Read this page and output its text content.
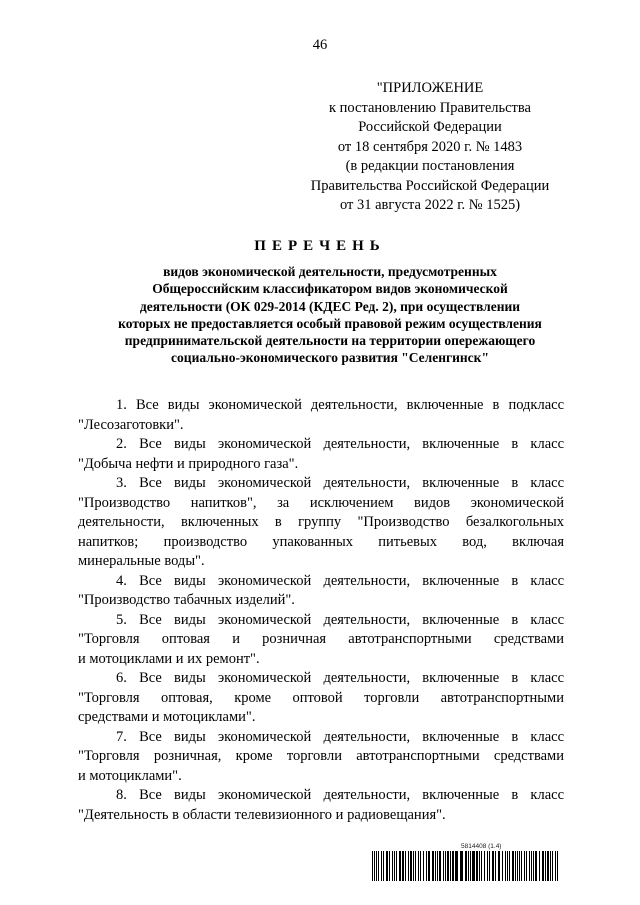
46
"ПРИЛОЖЕНИЕ
к постановлению Правительства
Российской Федерации
от 18 сентября 2020 г. № 1483
(в редакции постановления
Правительства Российской Федерации
от 31 августа 2022 г. № 1525)
ПЕРЕЧЕНЬ
видов экономической деятельности, предусмотренных
Общероссийским классификатором видов экономической
деятельности (ОК 029-2014 (КДЕС Ред. 2), при осуществлении
которых не предоставляется особый правовой режим осуществления
предпринимательской деятельности на территории опережающего
социально-экономического развития "Селенгинск"
1. Все виды экономической деятельности, включенные в подкласс
"Лесозаготовки".
2. Все виды экономической деятельности, включенные в класс
"Добыча нефти и природного газа".
3. Все виды экономической деятельности, включенные в класс
"Производство напитков", за исключением видов экономической
деятельности, включенных в группу "Производство безалкогольных
напитков; производство упакованных питьевых вод, включая
минеральные воды".
4. Все виды экономической деятельности, включенные в класс
"Производство табачных изделий".
5. Все виды экономической деятельности, включенные в класс
"Торговля оптовая и розничная автотранспортными средствами
и мотоциклами и их ремонт".
6. Все виды экономической деятельности, включенные в класс
"Торговля оптовая, кроме оптовой торговли автотранспортными
средствами и мотоциклами".
7. Все виды экономической деятельности, включенные в класс
"Торговля розничная, кроме торговли автотранспортными средствами
и мотоциклами".
8. Все виды экономической деятельности, включенные в класс
"Деятельность в области телевизионного и радиовещания".
5814408 (1.4)
